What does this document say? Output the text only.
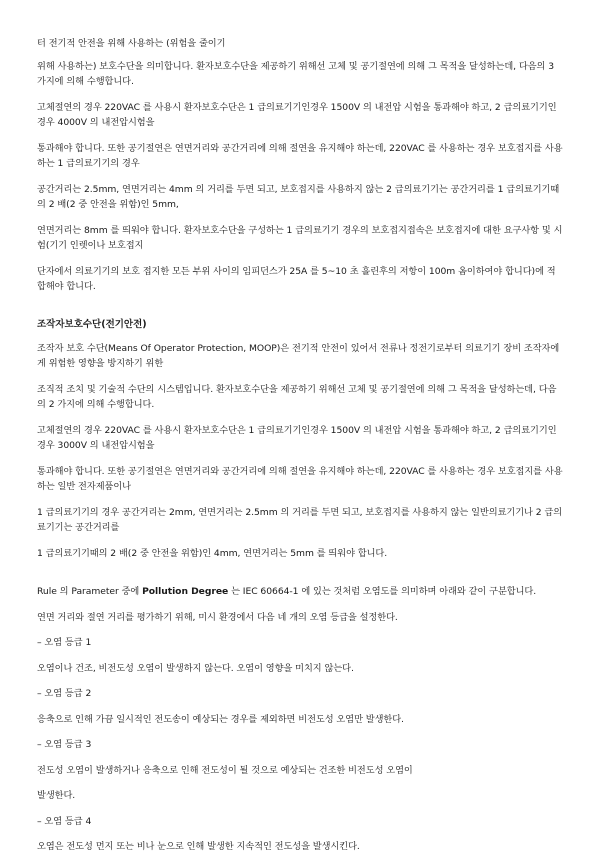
터 전기적 안전을 위해 사용하는 (위험을 줄이기

위해 사용하는) 보호수단을 의미합니다. 환자보호수단을 제공하기 위해선 고체 및 공기절연에 의해 그 목적을 달성하는데, 다음의 3 가지에 의해 수행합니다.

고체절연의 경우 220VAC 를 사용시 환자보호수단은 1 급의료기기인경우 1500V 의 내전압 시험을 통과해야 하고, 2 급의료기기인 경우 4000V 의 내전압시험을

통과해야 합니다. 또한 공기절연은 연면거리와 공간거리에 의해 절연을 유지해야 하는데, 220VAC 를 사용하는 경우 보호접지를 사용하는 1 급의료기기의 경우

공간거리는 2.5mm, 연면거리는 4mm 의 거리를 두면 되고, 보호접지를 사용하지 않는 2 급의료기기는 공간거리를 1 급의료기기때의 2 배(2 중 안전을 위함)인 5mm,

연면거리는 8mm 를 띄워야 합니다. 환자보호수단을 구성하는 1 급의료기기 경우의 보호접지접속은 보호접지에 대한 요구사항 및 시험(기기 인렛이나 보호접지

단자에서 의료기기의 보호 접지한 모든 부위 사이의 임피던스가 25A 를 5~10 초 흘린후의 저항이 100m 옴이하여야 합니다)에 적합해야 합니다.

조작자보호수단(전기안전)

조작자 보호 수단(Means Of Operator Protection, MOOP)은 전기적 안전이 있어서 전류나 정전기로부터 의료기기 장비 조작자에게 위험한 영향을 방지하기 위한

조직적 조치 및 기술적 수단의 시스템입니다. 환자보호수단을 제공하기 위해선 고체 및 공기절연에 의해 그 목적을 달성하는데, 다음의 2 가지에 의해 수행합니다.

고체절연의 경우 220VAC 를 사용시 환자보호수단은 1 급의료기기인경우 1500V 의 내전압 시험을 통과해야 하고, 2 급의료기기인 경우 3000V 의 내전압시험을

통과해야 합니다. 또한 공기절연은 연면거리와 공간거리에 의해 절연을 유지해야 하는데, 220VAC 를 사용하는 경우 보호접지를 사용하는 일반 전자제품이나

1 급의료기기의 경우 공간거리는 2mm, 연면거리는 2.5mm 의 거리를 두면 되고, 보호접지를 사용하지 않는 일반의료기기나 2 급의료기기는 공간거리를

1 급의료기기때의 2 배(2 중 안전을 위함)인 4mm, 연면거리는 5mm 를 띄워야 합니다.

Rule 의 Parameter 중에 Pollution Degree 는 IEC 60664-1 에 있는 것처럼 오염도를 의미하며 아래와 같이 구분합니다.

연면 거리와 절연 거리를 평가하기 위해, 미시 환경에서 다음 네 개의 오염 등급을 설정한다.

– 오염 등급 1

오염이나 건조, 비전도성 오염이 발생하지 않는다. 오염이 영향을 미치지 않는다.

– 오염 등급 2

응축으로 인해 가끔 일시적인 전도송이 예상되는 경우를 제외하면 비전도성 오염만 발생한다.

– 오염 등급 3

전도성 오염이 발생하거나 응축으로 인해 전도성이 될 것으로 예상되는 건조한 비전도성 오염이

발생한다.

– 오염 등급 4

오염은 전도성 먼지 또는 비나 눈으로 인해 발생한 지속적인 전도성을 발생시킨다.
